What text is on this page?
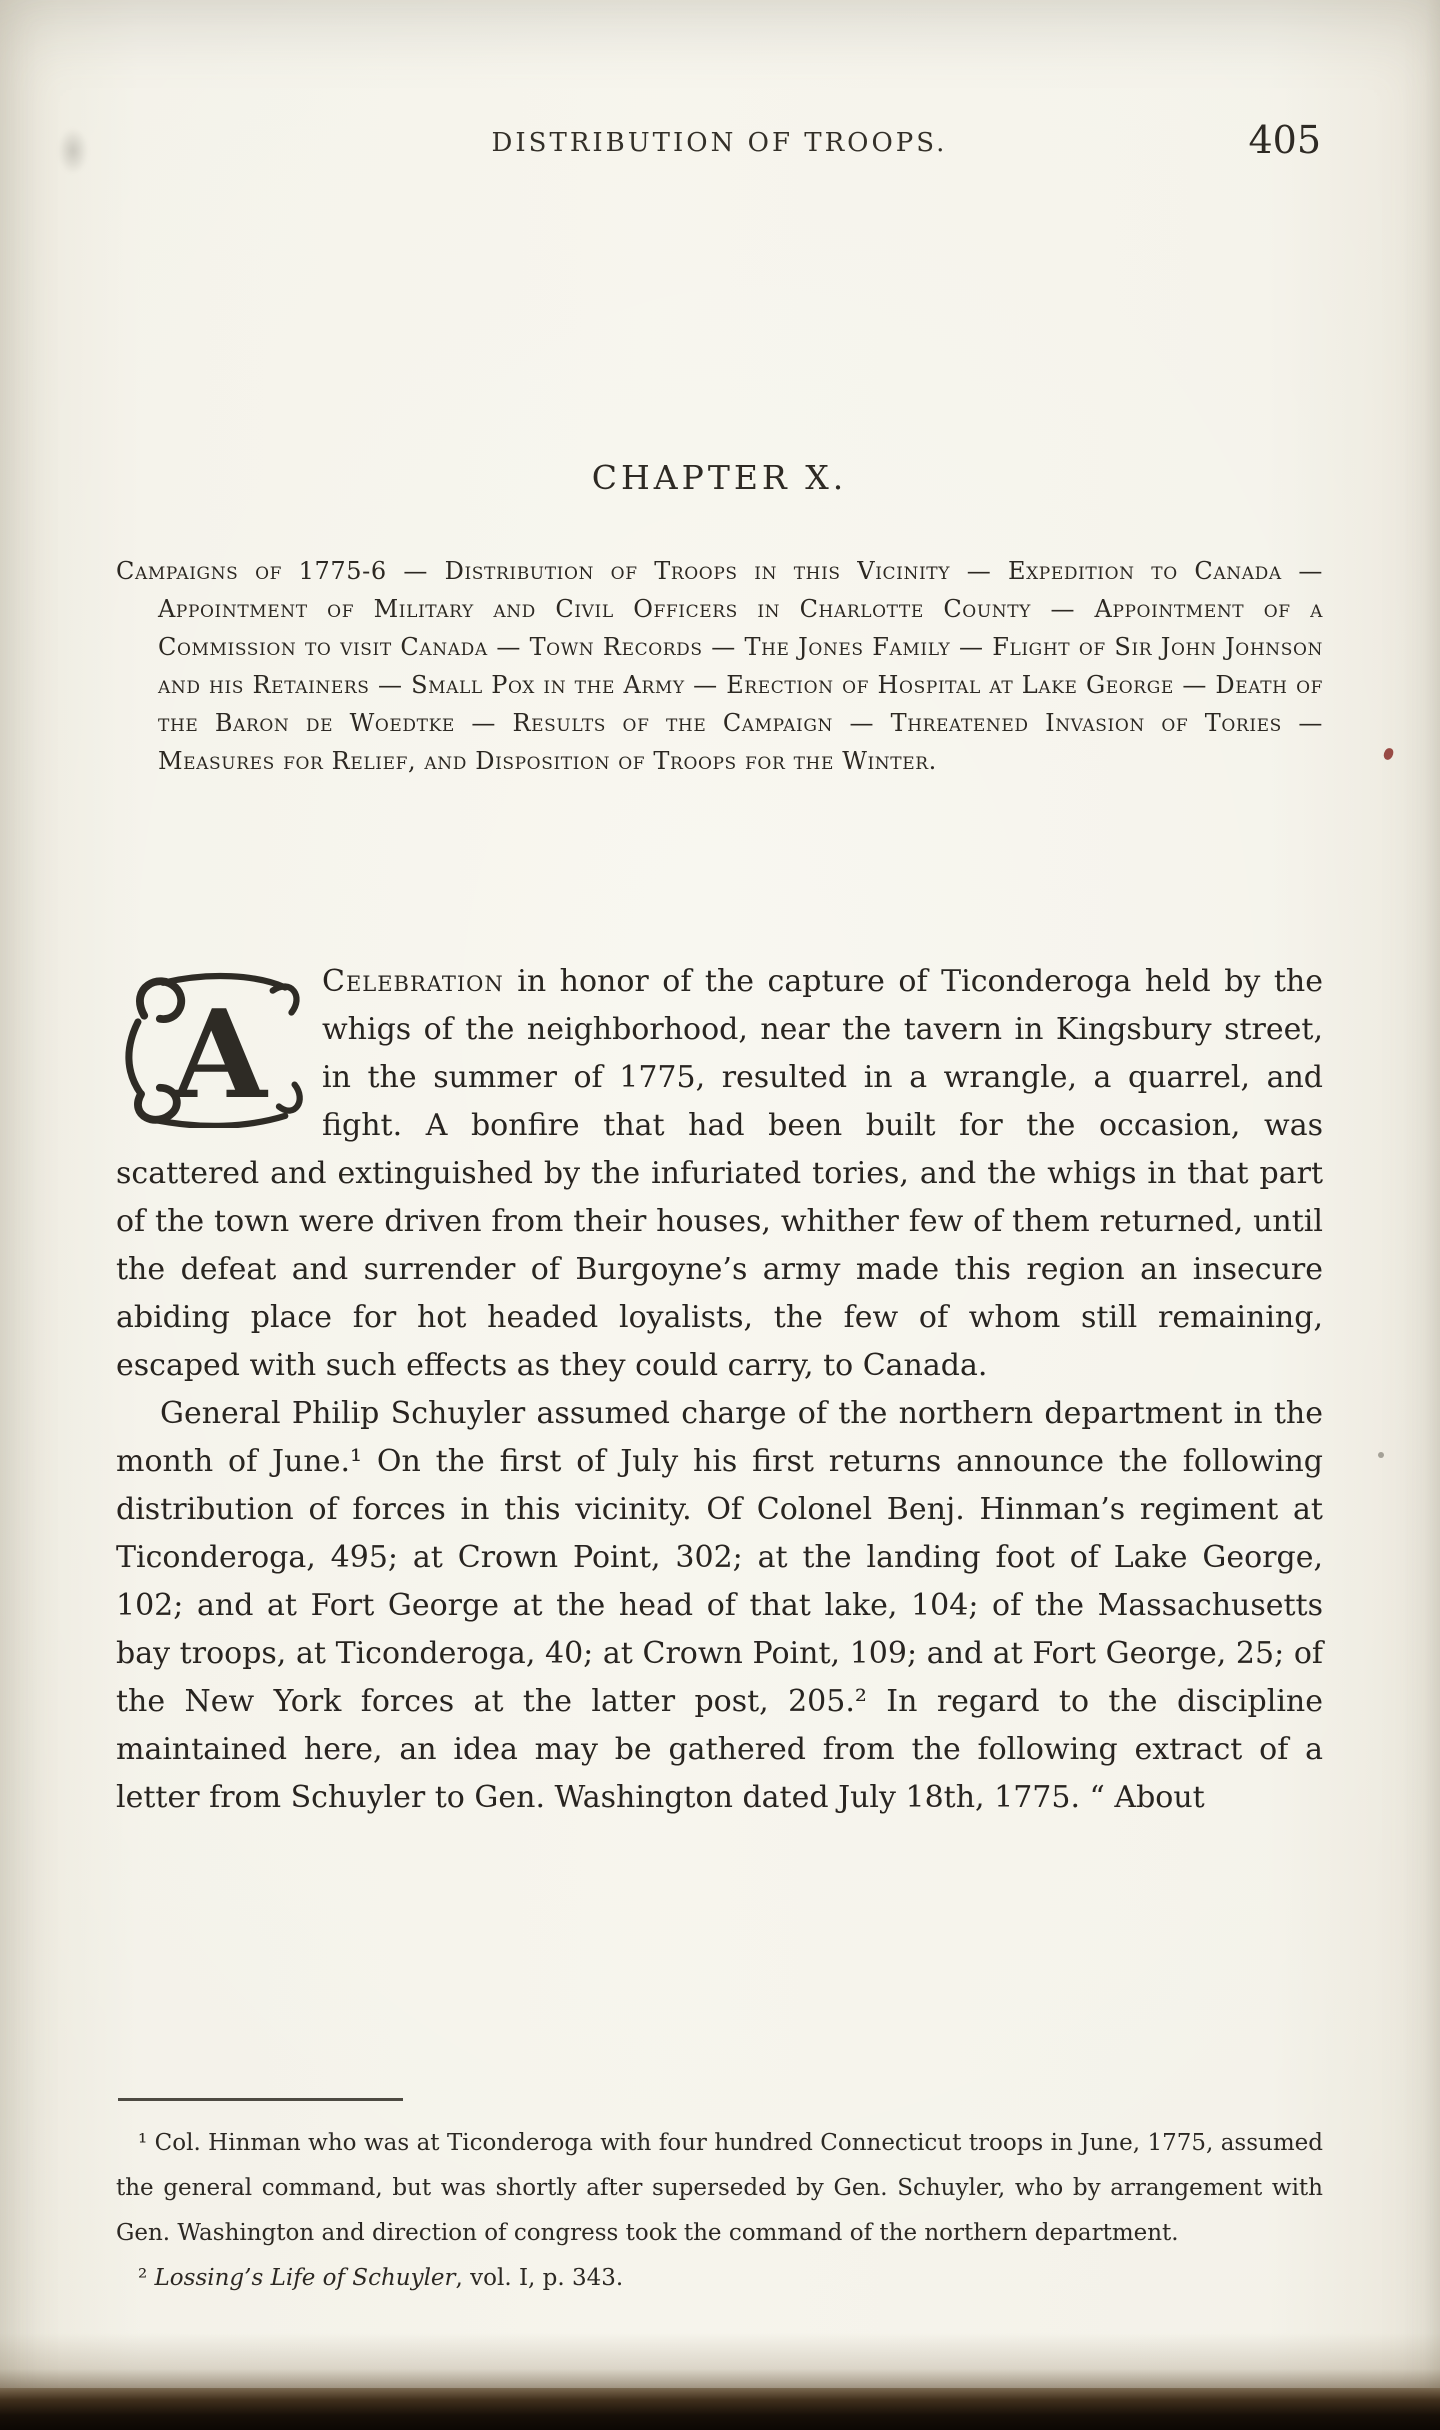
DISTRIBUTION OF TROOPS.	405
CHAPTER X.

Campaigns of 1775-6 — Distribution of Troops in this Vicinity — Expedition to Canada — Appointment of Military and Civil Officers in Charlotte County — Appointment of a Commission to visit Canada — Town Records — The Jones Family — Flight of Sir John Johnson and his Retainers — Small Pox in the Army — Erection of Hospital at Lake George — Death of the Baron de Woedtke — Results of the Campaign — Threatened Invasion of Tories — Measures for Relief, and Disposition of Troops for the Winter.

A
Celebration in honor of the capture of Ticonderoga held by the whigs of the neighborhood, near the tavern in Kingsbury street, in the summer of 1775, resulted in a wrangle, a quarrel, and fight. A bonfire that had been built for the occasion, was scattered and extinguished by the infuriated tories, and the whigs in that part of the town were driven from their houses, whither few of them returned, until the defeat and surrender of Burgoyne’s army made this region an insecure abiding place for hot headed loyalists, the few of whom still remaining, escaped with such effects as they could carry, to Canada.

General Philip Schuyler assumed charge of the northern department in the month of June.¹ On the first of July his first returns announce the following distribution of forces in this vicinity. Of Colonel Benj. Hinman’s regiment at Ticonderoga, 495; at Crown Point, 302; at the landing foot of Lake George, 102; and at Fort George at the head of that lake, 104; of the Massachusetts bay troops, at Ticonderoga, 40; at Crown Point, 109; and at Fort George, 25; of the New York forces at the latter post, 205.² In regard to the discipline maintained here, an idea may be gathered from the following extract of a letter from Schuyler to Gen. Washington dated July 18th, 1775. “ About

¹ Col. Hinman who was at Ticonderoga with four hundred Connecticut troops in June, 1775, assumed the general command, but was shortly after superseded by Gen. Schuyler, who by arrangement with Gen. Washington and direction of congress took the command of the northern department.

² Lossing’s Life of Schuyler, vol. I, p. 343.
